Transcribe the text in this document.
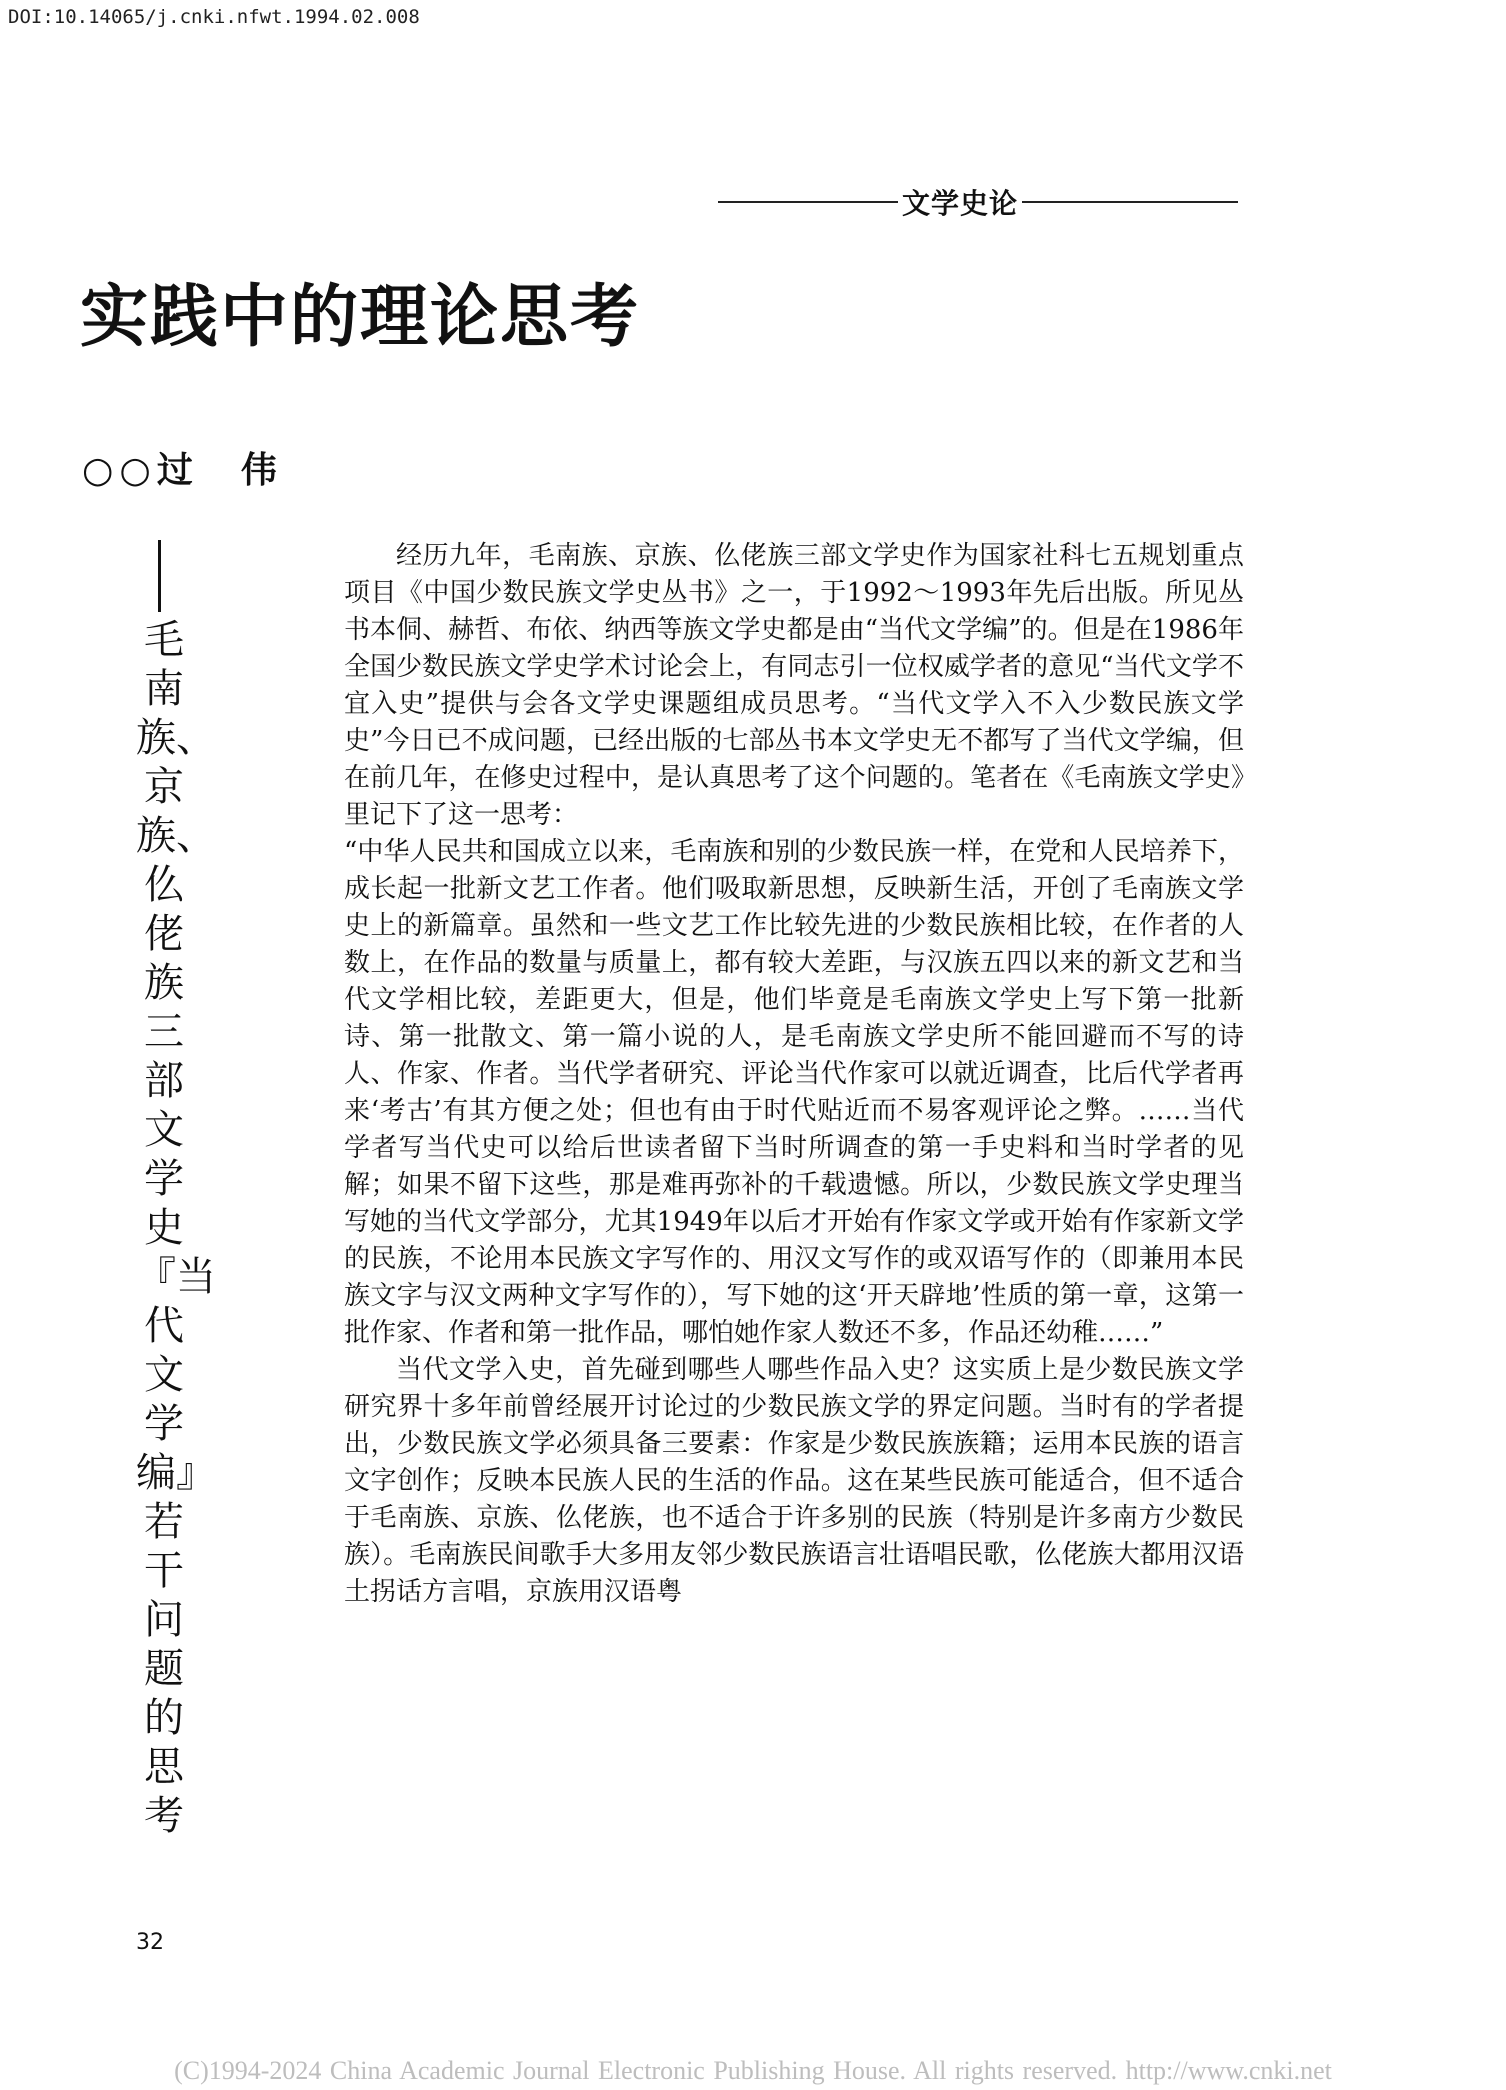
DOI:10.14065/j.cnki.nfwt.1994.02.008
文学史论
实践中的理论思考
○○过　伟
毛南族、京族、仫佬族三部文学史『当代文学编』若干问题的思考

经历九年，毛南族、京族、仫佬族三部文学史作为国家社科七五规划重点项目《中国少数民族文学史丛书》之一，于1992～1993年先后出版。所见丛书本侗、赫哲、布依、纳西等族文学史都是由“当代文学编”的。但是在1986年全国少数民族文学史学术讨论会上，有同志引一位权威学者的意见“当代文学不宜入史”提供与会各文学史课题组成员思考。“当代文学入不入少数民族文学史”今日已不成问题，已经出版的七部丛书本文学史无不都写了当代文学编，但在前几年，在修史过程中，是认真思考了这个问题的。笔者在《毛南族文学史》里记下了这一思考：

“中华人民共和国成立以来，毛南族和别的少数民族一样，在党和人民培养下，成长起一批新文艺工作者。他们吸取新思想，反映新生活，开创了毛南族文学史上的新篇章。虽然和一些文艺工作比较先进的少数民族相比较，在作者的人数上，在作品的数量与质量上，都有较大差距，与汉族五四以来的新文艺和当代文学相比较，差距更大，但是，他们毕竟是毛南族文学史上写下第一批新诗、第一批散文、第一篇小说的人，是毛南族文学史所不能回避而不写的诗人、作家、作者。当代学者研究、评论当代作家可以就近调查，比后代学者再来‘考古’有其方便之处；但也有由于时代贴近而不易客观评论之弊。……当代学者写当代史可以给后世读者留下当时所调查的第一手史料和当时学者的见解；如果不留下这些，那是难再弥补的千载遗憾。所以，少数民族文学史理当写她的当代文学部分，尤其1949年以后才开始有作家文学或开始有作家新文学的民族，不论用本民族文字写作的、用汉文写作的或双语写作的（即兼用本民族文字与汉文两种文字写作的），写下她的这‘开天辟地’性质的第一章，这第一批作家、作者和第一批作品，哪怕她作家人数还不多，作品还幼稚……”

当代文学入史，首先碰到哪些人哪些作品入史？这实质上是少数民族文学研究界十多年前曾经展开讨论过的少数民族文学的界定问题。当时有的学者提出，少数民族文学必须具备三要素：作家是少数民族族籍；运用本民族的语言文字创作；反映本民族人民的生活的作品。这在某些民族可能适合，但不适合于毛南族、京族、仫佬族，也不适合于许多别的民族（特别是许多南方少数民族）。毛南族民间歌手大多用友邻少数民族语言壮语唱民歌，仫佬族大都用汉语土拐话方言唱，京族用汉语粤

32
(C)1994-2024 China Academic Journal Electronic Publishing House. All rights reserved. http://www.cnki.net
